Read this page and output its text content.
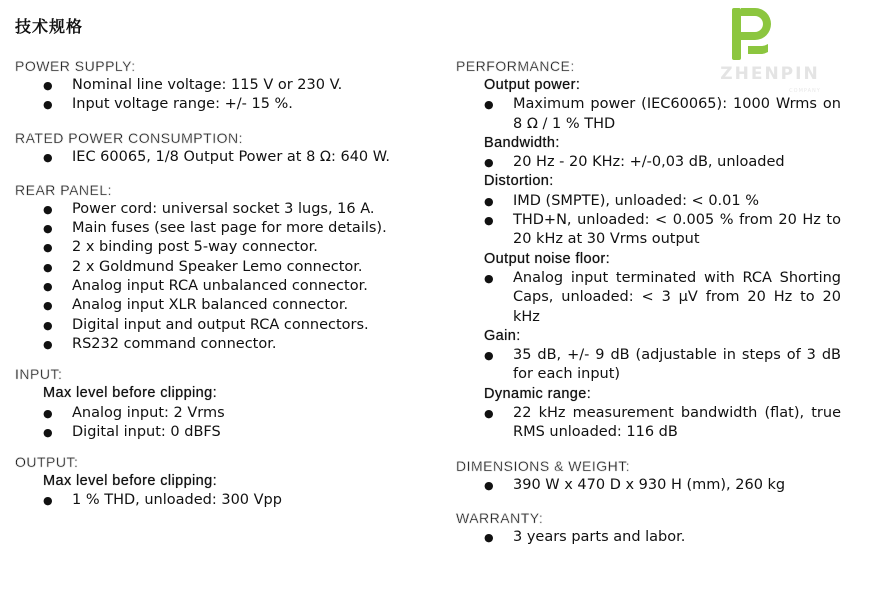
技术规格
ZHENPIN
COMPANY
POWER SUPPLY:
● Nominal line voltage: 115 V or 230 V.
● Input voltage range: +/- 15 %.
RATED POWER CONSUMPTION:
● IEC 60065, 1/8 Output Power at 8 Ω: 640 W.
REAR PANEL:
● Power cord: universal socket 3 lugs, 16 A.
● Main fuses (see last page for more details).
● 2 x binding post 5-way connector.
● 2 x Goldmund Speaker Lemo connector.
● Analog input RCA unbalanced connector.
● Analog input XLR balanced connector.
● Digital input and output RCA connectors.
● RS232 command connector.
INPUT:
Max level before clipping:
● Analog input: 2 Vrms
● Digital input: 0 dBFS
OUTPUT:
Max level before clipping:
● 1 % THD, unloaded: 300 Vpp
PERFORMANCE:
Output power:
● Maximum power (IEC60065): 1000 Wrms on 8 Ω / 1 % THD
Bandwidth:
● 20 Hz - 20 KHz: +/-0,03 dB, unloaded
Distortion:
● IMD (SMPTE), unloaded: < 0.01 %
● THD+N, unloaded: < 0.005 % from 20 Hz to 20 kHz at 30 Vrms output
Output noise floor:
● Analog input terminated with RCA Shorting Caps, unloaded: < 3 μV from 20 Hz to 20 kHz
Gain:
● 35 dB, +/- 9 dB (adjustable in steps of 3 dB for each input)
Dynamic range:
● 22 kHz measurement bandwidth (flat), true RMS unloaded: 116 dB
DIMENSIONS & WEIGHT:
● 390 W x 470 D x 930 H (mm), 260 kg
WARRANTY:
● 3 years parts and labor.
